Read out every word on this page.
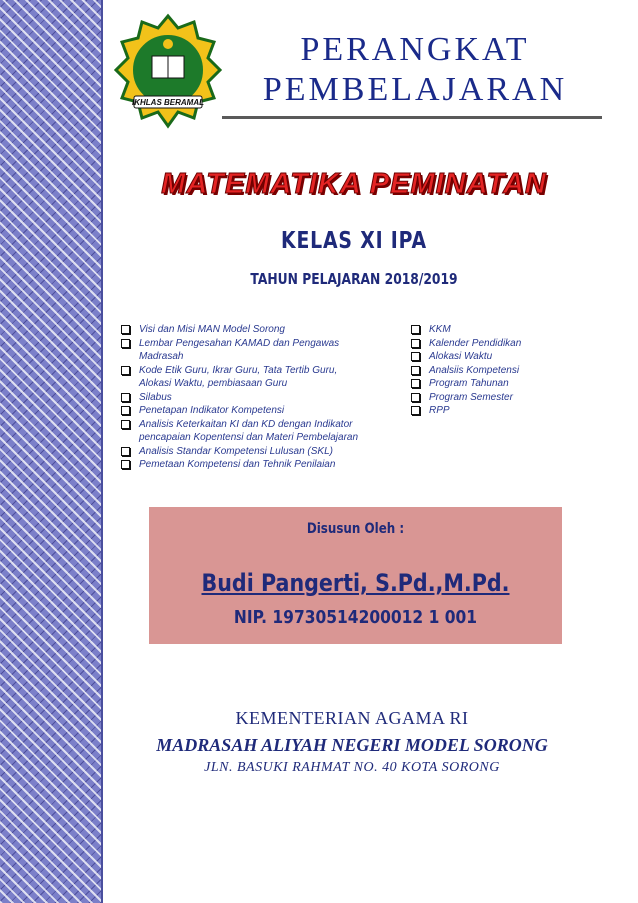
IKHLAS BERAMAL
PERANGKAT
PEMBELAJARAN
MATEMATIKA PEMINATAN
KELAS XI IPA
TAHUN PELAJARAN 2018/2019
Visi dan Misi MAN Model Sorong
Lembar Pengesahan KAMAD dan Pengawas Madrasah
Kode Etik Guru, Ikrar Guru, Tata Tertib Guru, Alokasi Waktu, pembiasaan Guru
Silabus
Penetapan Indikator Kompetensi
Analisis Keterkaitan KI dan KD dengan Indikator pencapaian Kopentensi dan Materi Pembelajaran
Analisis Standar Kompetensi Lulusan (SKL)
Pemetaan Kompetensi dan Tehnik Penilaian
KKM
Kalender Pendidikan
Alokasi Waktu
Analsiis Kompetensi
Program Tahunan
Program Semester
RPP
Disusun Oleh :
Budi Pangerti, S.Pd.,M.Pd.
NIP. 19730514200012 1 001
KEMENTERIAN AGAMA RI
MADRASAH ALIYAH NEGERI MODEL SORONG
JLN. BASUKI RAHMAT NO. 40 KOTA SORONG
